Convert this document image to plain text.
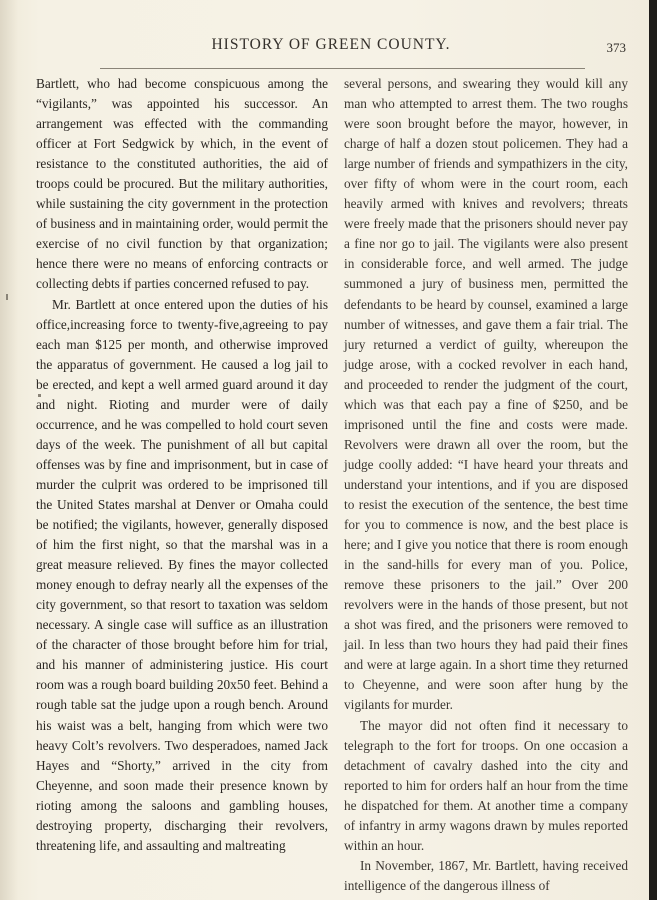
HISTORY OF GREEN COUNTY.	373

Bartlett, who had become conspicuous among the “vigilants,” was appointed his successor. An arrangement was effected with the commanding officer at Fort Sedgwick by which, in the event of resistance to the constituted authorities, the aid of troops could be procured. But the military authorities, while sustaining the city government in the protection of business and in maintaining order, would permit the exercise of no civil function by that organization; hence there were no means of enforcing contracts or collecting debts if parties concerned refused to pay.

Mr. Bartlett at once entered upon the duties of his office,increasing force to twenty-five,agreeing to pay each man $125 per month, and otherwise improved the apparatus of government. He caused a log jail to be erected, and kept a well armed guard around it day and night. Rioting and murder were of daily occurrence, and he was compelled to hold court seven days of the week. The punishment of all but capital offenses was by fine and imprisonment, but in case of murder the culprit was ordered to be imprisoned till the United States marshal at Denver or Omaha could be notified; the vigilants, however, generally disposed of him the first night, so that the marshal was in a great measure relieved. By fines the mayor collected money enough to defray nearly all the expenses of the city government, so that resort to taxation was seldom necessary. A single case will suffice as an illustration of the character of those brought before him for trial, and his manner of administering justice. His court room was a rough board building 20x50 feet. Behind a rough table sat the judge upon a rough bench. Around his waist was a belt, hanging from which were two heavy Colt’s revolvers. Two desperadoes, named Jack Hayes and “Shorty,” arrived in the city from Cheyenne, and soon made their presence known by rioting among the saloons and gambling houses, destroying property, discharging their revolvers, threatening life, and assaulting and maltreating

several persons, and swearing they would kill any man who attempted to arrest them. The two roughs were soon brought before the mayor, however, in charge of half a dozen stout policemen. They had a large number of friends and sympathizers in the city, over fifty of whom were in the court room, each heavily armed with knives and revolvers; threats were freely made that the prisoners should never pay a fine nor go to jail. The vigilants were also present in considerable force, and well armed. The judge summoned a jury of business men, permitted the defendants to be heard by counsel, examined a large number of witnesses, and gave them a fair trial. The jury returned a verdict of guilty, whereupon the judge arose, with a cocked revolver in each hand, and proceeded to render the judgment of the court, which was that each pay a fine of $250, and be imprisoned until the fine and costs were made. Revolvers were drawn all over the room, but the judge coolly added: “I have heard your threats and understand your intentions, and if you are disposed to resist the execution of the sentence, the best time for you to commence is now, and the best place is here; and I give you notice that there is room enough in the sand-hills for every man of you. Police, remove these prisoners to the jail.” Over 200 revolvers were in the hands of those present, but not a shot was fired, and the prisoners were removed to jail. In less than two hours they had paid their fines and were at large again. In a short time they returned to Cheyenne, and were soon after hung by the vigilants for murder.

The mayor did not often find it necessary to telegraph to the fort for troops. On one occasion a detachment of cavalry dashed into the city and reported to him for orders half an hour from the time he dispatched for them. At another time a company of infantry in army wagons drawn by mules reported within an hour.

In November, 1867, Mr. Bartlett, having received intelligence of the dangerous illness of
